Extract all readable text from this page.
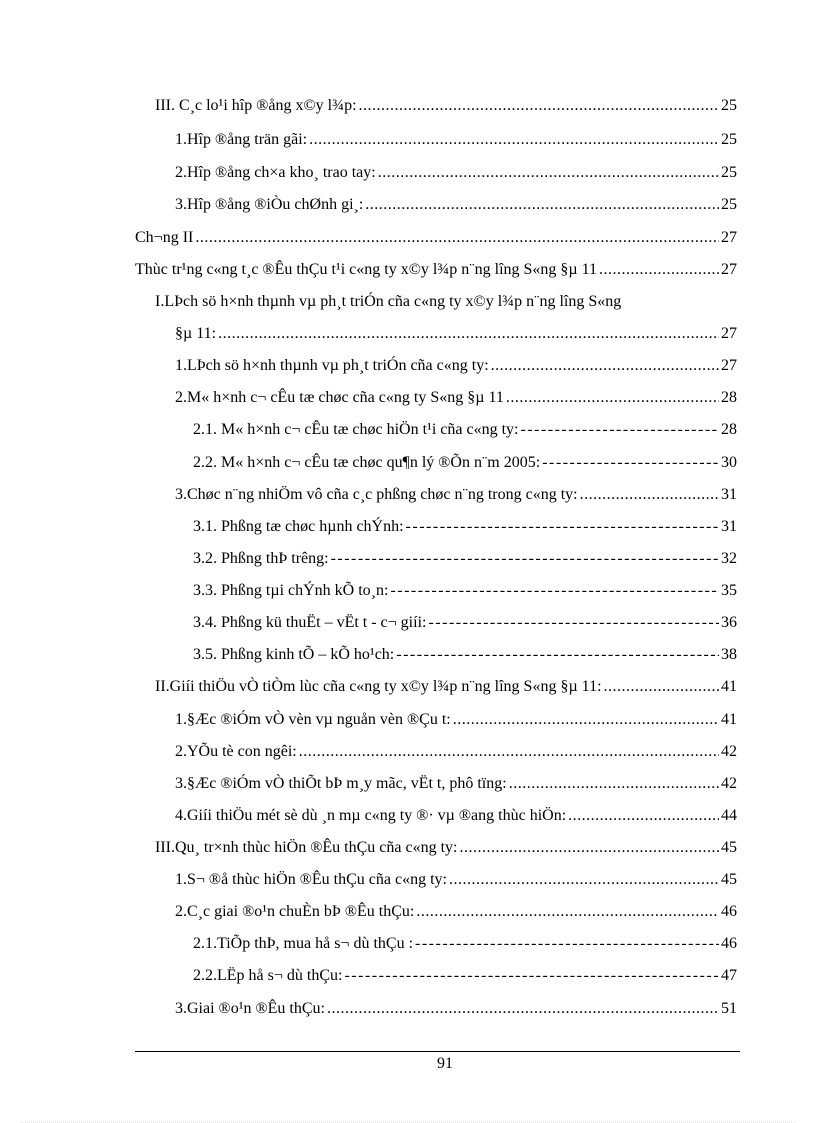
III. C¸c lo¹i hîp ®ång x©y l¾p: .....	25
1.Hîp ®ång trän gãi: .....	25
2.Hîp ®ång ch×a kho¸ trao tay: .....	25
3.Hîp ®ång ®iÒu chØnh gi¸: .....	25
Ch¬ng II .....	27
Thùc tr¹ng c«ng t¸c ®Êu thÇu t¹i c«ng ty x©y l¾p n¨ng lîng S«ng §µ 11 .....	27
I.LÞch sö h×nh thµnh vµ ph¸t triÓn cña c«ng ty x©y l¾p n¨ng lîng S«ng
§µ 11: .....	27
1.LÞch sö h×nh thµnh vµ ph¸t triÓn cña c«ng ty: .....	27
2.M« h×nh c¬ cÊu tæ chøc cña c«ng ty S«ng §µ 11 .....	28
2.1. M« h×nh c¬ cÊu tæ chøc hiÖn t¹i cña c«ng ty: -----	28
2.2. M« h×nh c¬ cÊu tæ chøc qu¶n lý ®Õn n¨m 2005: -----	30
3.Chøc n¨ng nhiÖm vô cña c¸c phßng chøc n¨ng trong c«ng ty: .....	31
3.1. Phßng tæ chøc hµnh chÝnh: -----	31
3.2. Phßng thÞ trêng: -----	32
3.3. Phßng tµi chÝnh kÕ to¸n: -----	35
3.4. Phßng kü thuËt – vËt t - c¬ giíi: -----	36
3.5. Phßng kinh tÕ – kÕ ho¹ch: -----	38
II.Giíi thiÖu vÒ tiÒm lùc cña c«ng ty x©y l¾p n¨ng lîng S«ng §µ 11: .....	41
1.§Æc ®iÓm vÒ vèn vµ nguån vèn ®Çu t: .....	41
2.YÕu tè con ngêi: .....	42
3.§Æc ®iÓm vÒ thiÕt bÞ m¸y mãc, vËt t, phô tïng: .....	42
4.Giíi thiÖu mét sè dù ¸n mµ c«ng ty ®· vµ ®ang thùc hiÖn: .....	44
III.Qu¸ tr×nh thùc hiÖn ®Êu thÇu cña c«ng ty: .....	45
1.S¬ ®å thùc hiÖn ®Êu thÇu cña c«ng ty: .....	45
2.C¸c giai ®o¹n chuÈn bÞ ®Êu thÇu: .....	46
2.1.TiÕp thÞ, mua hå s¬ dù thÇu : -----	46
2.2.LËp hå s¬ dù thÇu: -----	47
3.Giai ®o¹n ®Êu thÇu: .....	51
91
